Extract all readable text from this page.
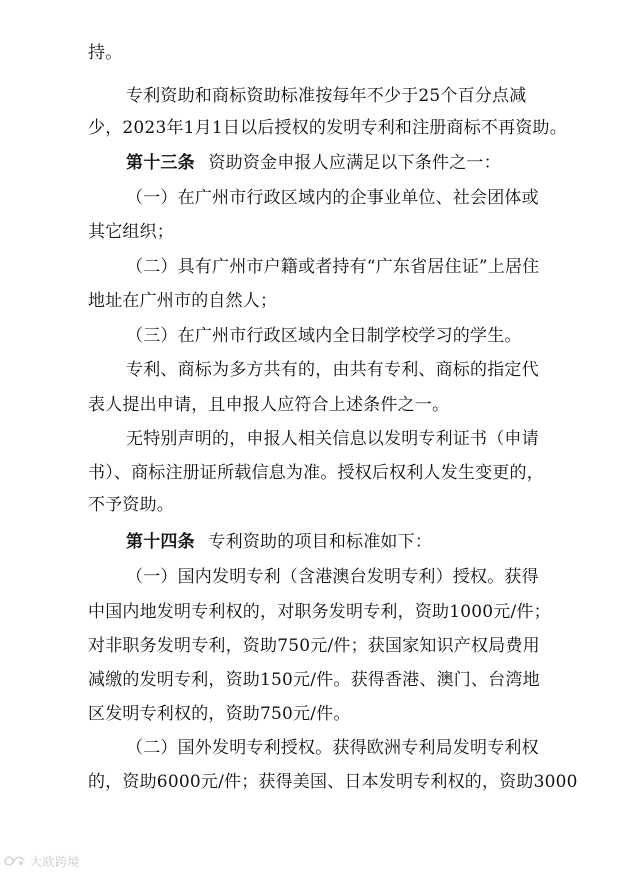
持。
专利资助和商标资助标准按每年不少于25个百分点减
少，2023年1月1日以后授权的发明专利和注册商标不再资助。
第十三条 资助资金申报人应满足以下条件之一：
（一）在广州市行政区域内的企事业单位、社会团体或
其它组织；
（二）具有广州市户籍或者持有“广东省居住证”上居住
地址在广州市的自然人；
（三）在广州市行政区域内全日制学校学习的学生。
专利、商标为多方共有的，由共有专利、商标的指定代
表人提出申请，且申报人应符合上述条件之一。
无特别声明的，申报人相关信息以发明专利证书（申请
书）、商标注册证所载信息为准。授权后权利人发生变更的，
不予资助。
第十四条 专利资助的项目和标准如下：
（一）国内发明专利（含港澳台发明专利）授权。获得
中国内地发明专利权的，对职务发明专利，资助1000元/件；
对非职务发明专利，资助750元/件；获国家知识产权局费用
减缴的发明专利，资助150元/件。获得香港、澳门、台湾地
区发明专利权的，资助750元/件。
（二）国外发明专利授权。获得欧洲专利局发明专利权
的，资助6000元/件；获得美国、日本发明专利权的，资助3000
大欧跨境
